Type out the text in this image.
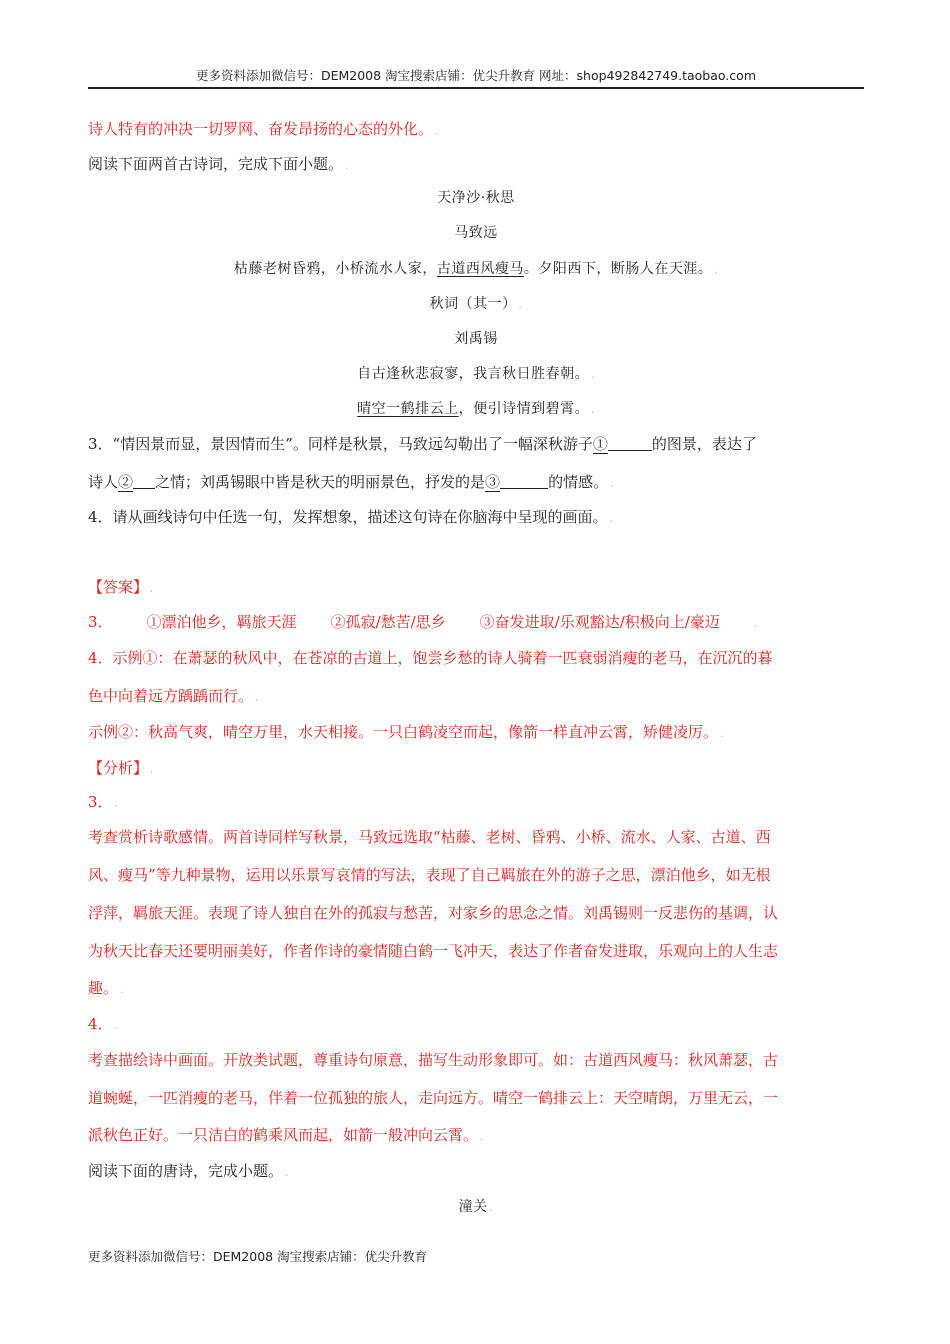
更多资料添加微信号：DEM2008 淘宝搜索店铺：优尖升教育 网址：shop492842749.taobao.com
诗人特有的冲决一切罗网、奋发昂扬的心态的外化。 .
阅读下面两首古诗词，完成下面小题。 .
天净沙·秋思
马致远
枯藤老树昏鸦，小桥流水人家，古道西风瘦马。夕阳西下，断肠人在天涯。 .
秋词（其一） .
刘禹锡
自古逢秋悲寂寥，我言秋日胜春朝。 .
晴空一鹤排云上，便引诗情到碧霄。 .
3．“情因景而显，景因情而生”。同样是秋景，马致远勾勒出了一幅深秋游子①	的图景，表达了
诗人② 之情；刘禹锡眼中皆是秋天的明丽景色，抒发的是③	的情感。 .
4．请从画线诗句中任选一句，发挥想象，描述这句诗在你脑海中呈现的画面。 .
【答案】 .
3． ①漂泊他乡，羁旅天涯 ②孤寂/愁苦/思乡 ③奋发进取/乐观豁达/积极向上/豪迈	.
4．示例①：在萧瑟的秋风中，在苍凉的古道上，饱尝乡愁的诗人骑着一匹衰弱消瘦的老马，在沉沉的暮
色中向着远方踽踽而行。 .
示例②：秋高气爽，晴空万里，水天相接。一只白鹤凌空而起，像箭一样直冲云霄，矫健凌厉。 .
【分析】 .
3． .
考查赏析诗歌感情。两首诗同样写秋景，马致远选取“枯藤、老树、昏鸦、小桥、流水、人家、古道、西
风、瘦马”等九种景物，运用以乐景写哀情的写法，表现了自己羁旅在外的游子之思，漂泊他乡，如无根
浮萍，羁旅天涯。表现了诗人独自在外的孤寂与愁苦，对家乡的思念之情。刘禹锡则一反悲伤的基调，认
为秋天比春天还要明丽美好，作者作诗的豪情随白鹤一飞冲天，表达了作者奋发进取，乐观向上的人生志
趣。 .
4． .
考查描绘诗中画面。开放类试题，尊重诗句原意，描写生动形象即可。如：古道西风瘦马：秋风萧瑟，古
道蜿蜒，一匹消瘦的老马，伴着一位孤独的旅人，走向远方。晴空一鹤排云上：天空晴朗，万里无云，一
派秋色正好。一只洁白的鹤乘风而起，如箭一般冲向云霄。 .
阅读下面的唐诗，完成小题。 .
潼关 .
更多资料添加微信号：DEM2008 淘宝搜索店铺：优尖升教育
